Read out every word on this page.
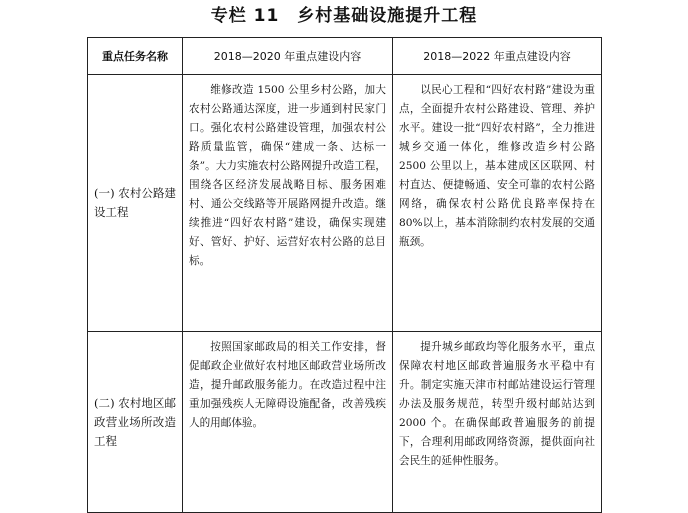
专栏 11　乡村基础设施提升工程
重点任务名称	2018—2020 年重点建设内容	2018—2022 年重点建设内容
(一) 农村公路建设工程	维修改造 1500 公里乡村公路，加大农村公路通达深度，进一步通到村民家门口。强化农村公路建设管理，加强农村公路质量监管，确保“建成一条、达标一条”。大力实施农村公路网提升改造工程，围绕各区经济发展战略目标、服务困难村、通公交线路等开展路网提升改造。继续推进“四好农村路”建设，确保实现建好、管好、护好、运营好农村公路的总目标。	以民心工程和“四好农村路”建设为重点，全面提升农村公路建设、管理、养护水平。建设一批“四好农村路”，全力推进城乡交通一体化，维修改造乡村公路 2500 公里以上，基本建成区区联网、村村直达、便捷畅通、安全可靠的农村公路网络，确保农村公路优良路率保持在 80%以上，基本消除制约农村发展的交通瓶颈。
(二) 农村地区邮政营业场所改造工程	按照国家邮政局的相关工作安排，督促邮政企业做好农村地区邮政营业场所改造，提升邮政服务能力。在改造过程中注重加强残疾人无障碍设施配备，改善残疾人的用邮体验。	提升城乡邮政均等化服务水平，重点保障农村地区邮政普遍服务水平稳中有升。制定实施天津市村邮站建设运行管理办法及服务规范，转型升级村邮站达到 2000 个。在确保邮政普遍服务的前提下，合理利用邮政网络资源，提供面向社会民生的延伸性服务。
